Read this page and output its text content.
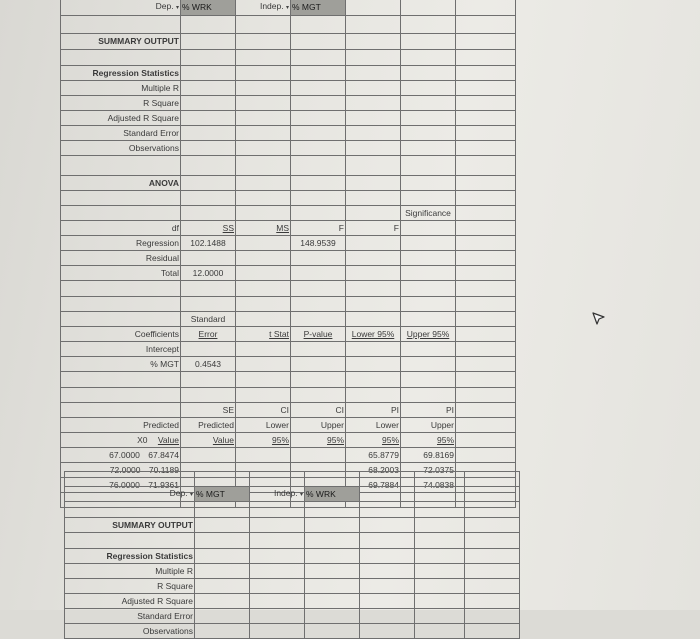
Dep. ▾	% WRK	Indep. ▾	% MGT			

SUMMARY OUTPUT						

Regression Statistics						
Multiple R						
R Square						
Adjusted R Square						
Standard Error						
Observations						

ANOVA						

					Significance	
df	SS	MS	F	F		
Regression	102.1488		148.9539			
Residual						
Total	12.0000					

	Standard					
Coefficients	Error	t Stat	P-value	Lower 95%	Upper 95%	
Intercept						
% MGT	0.4543					

	SE	CI	CI	PI	PI	
Predicted	Predicted	Lower	Upper	Lower	Upper	
X0 Value	Value	95%	95%	95%	95%	
67.0000 67.8474				65.8779	69.8169	
72.0000 70.1189				68.2003	72.0375	
76.0000 71.9361				69.7884	74.0838	

Dep. ▾	% MGT	Indep. ▾	% WRK			

SUMMARY OUTPUT						

Regression Statistics						
Multiple R						
R Square						
Adjusted R Square						
Standard Error						
Observations						
